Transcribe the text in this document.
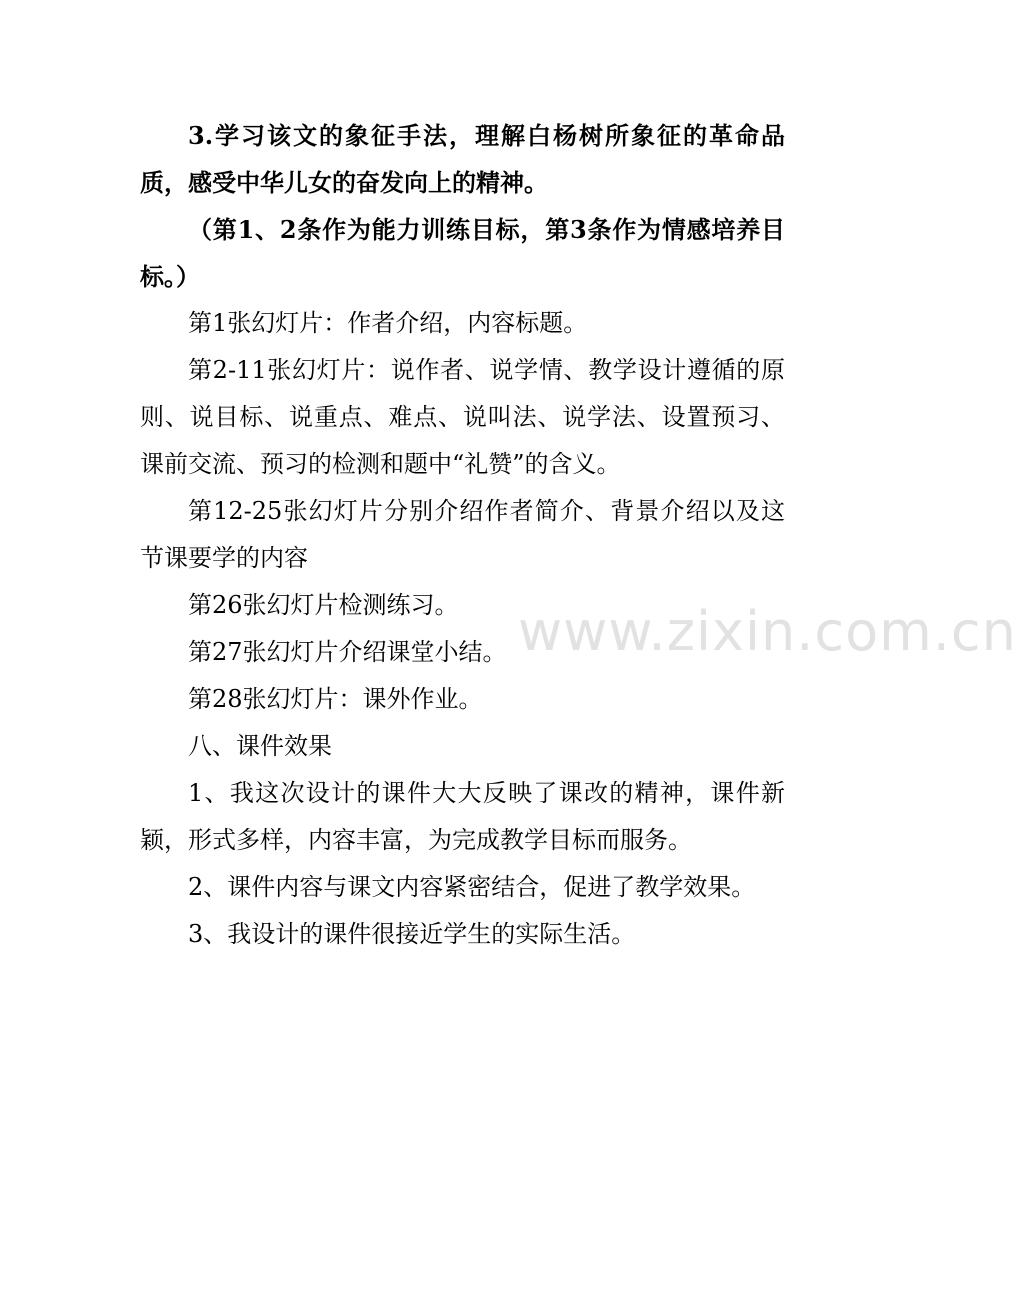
3.学习该文的象征手法，理解白杨树所象征的革命品质，感受中华儿女的奋发向上的精神。

（第1、2条作为能力训练目标，第3条作为情感培养目标。）

第1张幻灯片：作者介绍，内容标题。

第2-11张幻灯片：说作者、说学情、教学设计遵循的原则、说目标、说重点、难点、说叫法、说学法、设置预习、课前交流、预习的检测和题中“礼赞”的含义。

第12-25张幻灯片分别介绍作者简介、背景介绍以及这节课要学的内容

第26张幻灯片检测练习。

第27张幻灯片介绍课堂小结。

第28张幻灯片：课外作业。

八、课件效果

1、我这次设计的课件大大反映了课改的精神，课件新颖，形式多样，内容丰富，为完成教学目标而服务。

2、课件内容与课文内容紧密结合，促进了教学效果。

3、我设计的课件很接近学生的实际生活。

www.zixin.com.cn
